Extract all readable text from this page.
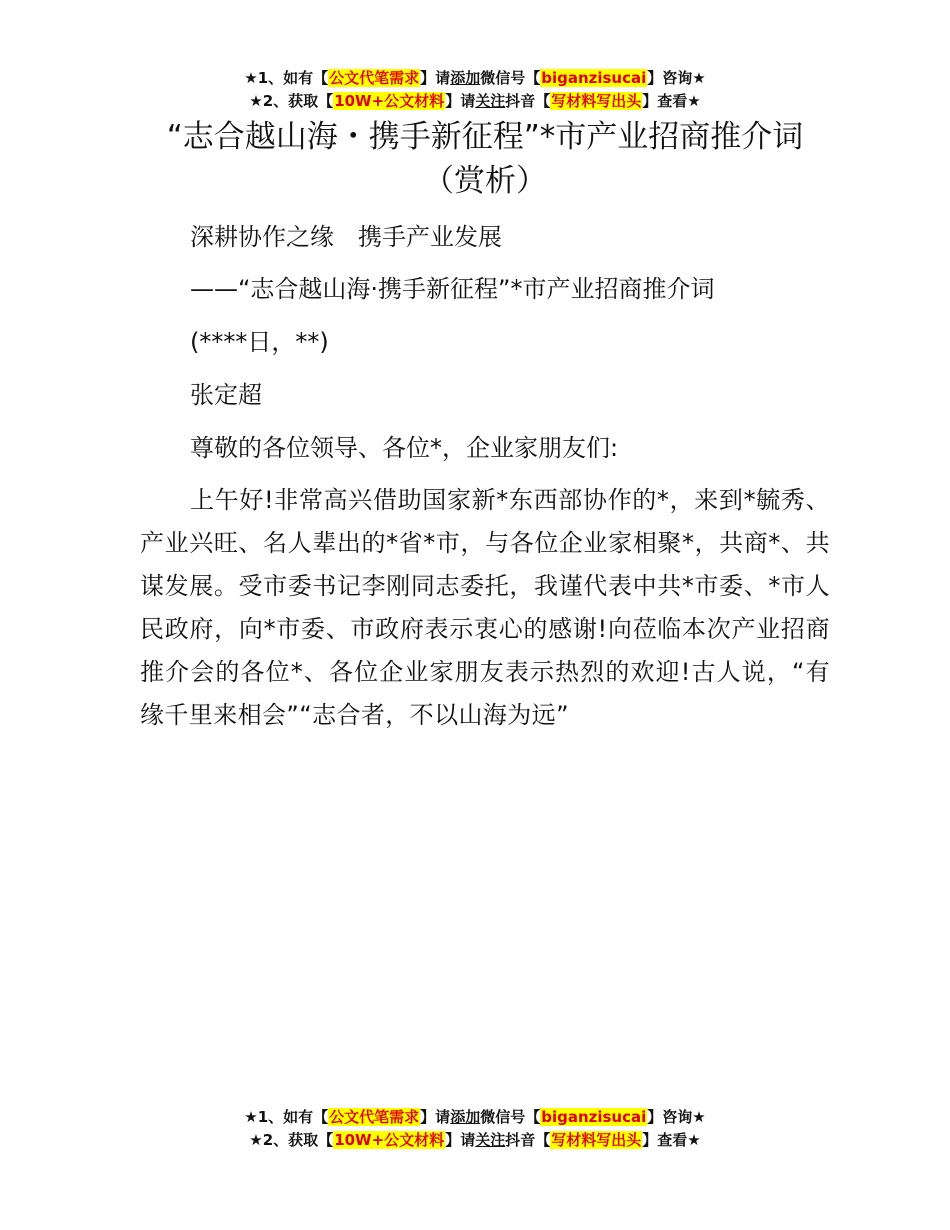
★1、如有【公文代笔需求】请添加微信号【biganzisucai】咨询★
★2、获取【10W+公文材料】请关注抖音【写材料写出头】查看★
“志合越山海・携手新征程”*市产业招商推介词（赏析）

深耕协作之缘　携手产业发展

——“志合越山海·携手新征程”*市产业招商推介词

(****日，**)

张定超

尊敬的各位领导、各位*，企业家朋友们:

上午好!非常高兴借助国家新*东西部协作的*，来到*毓秀、产业兴旺、名人辈出的*省*市，与各位企业家相聚*，共商*、共谋发展。受市委书记李刚同志委托，我谨代表中共*市委、*市人民政府，向*市委、市政府表示衷心的感谢!向莅临本次产业招商推介会的各位*、各位企业家朋友表示热烈的欢迎!古人说，“有缘千里来相会”“志合者，不以山海为远”

★1、如有【公文代笔需求】请添加微信号【biganzisucai】咨询★
★2、获取【10W+公文材料】请关注抖音【写材料写出头】查看★
